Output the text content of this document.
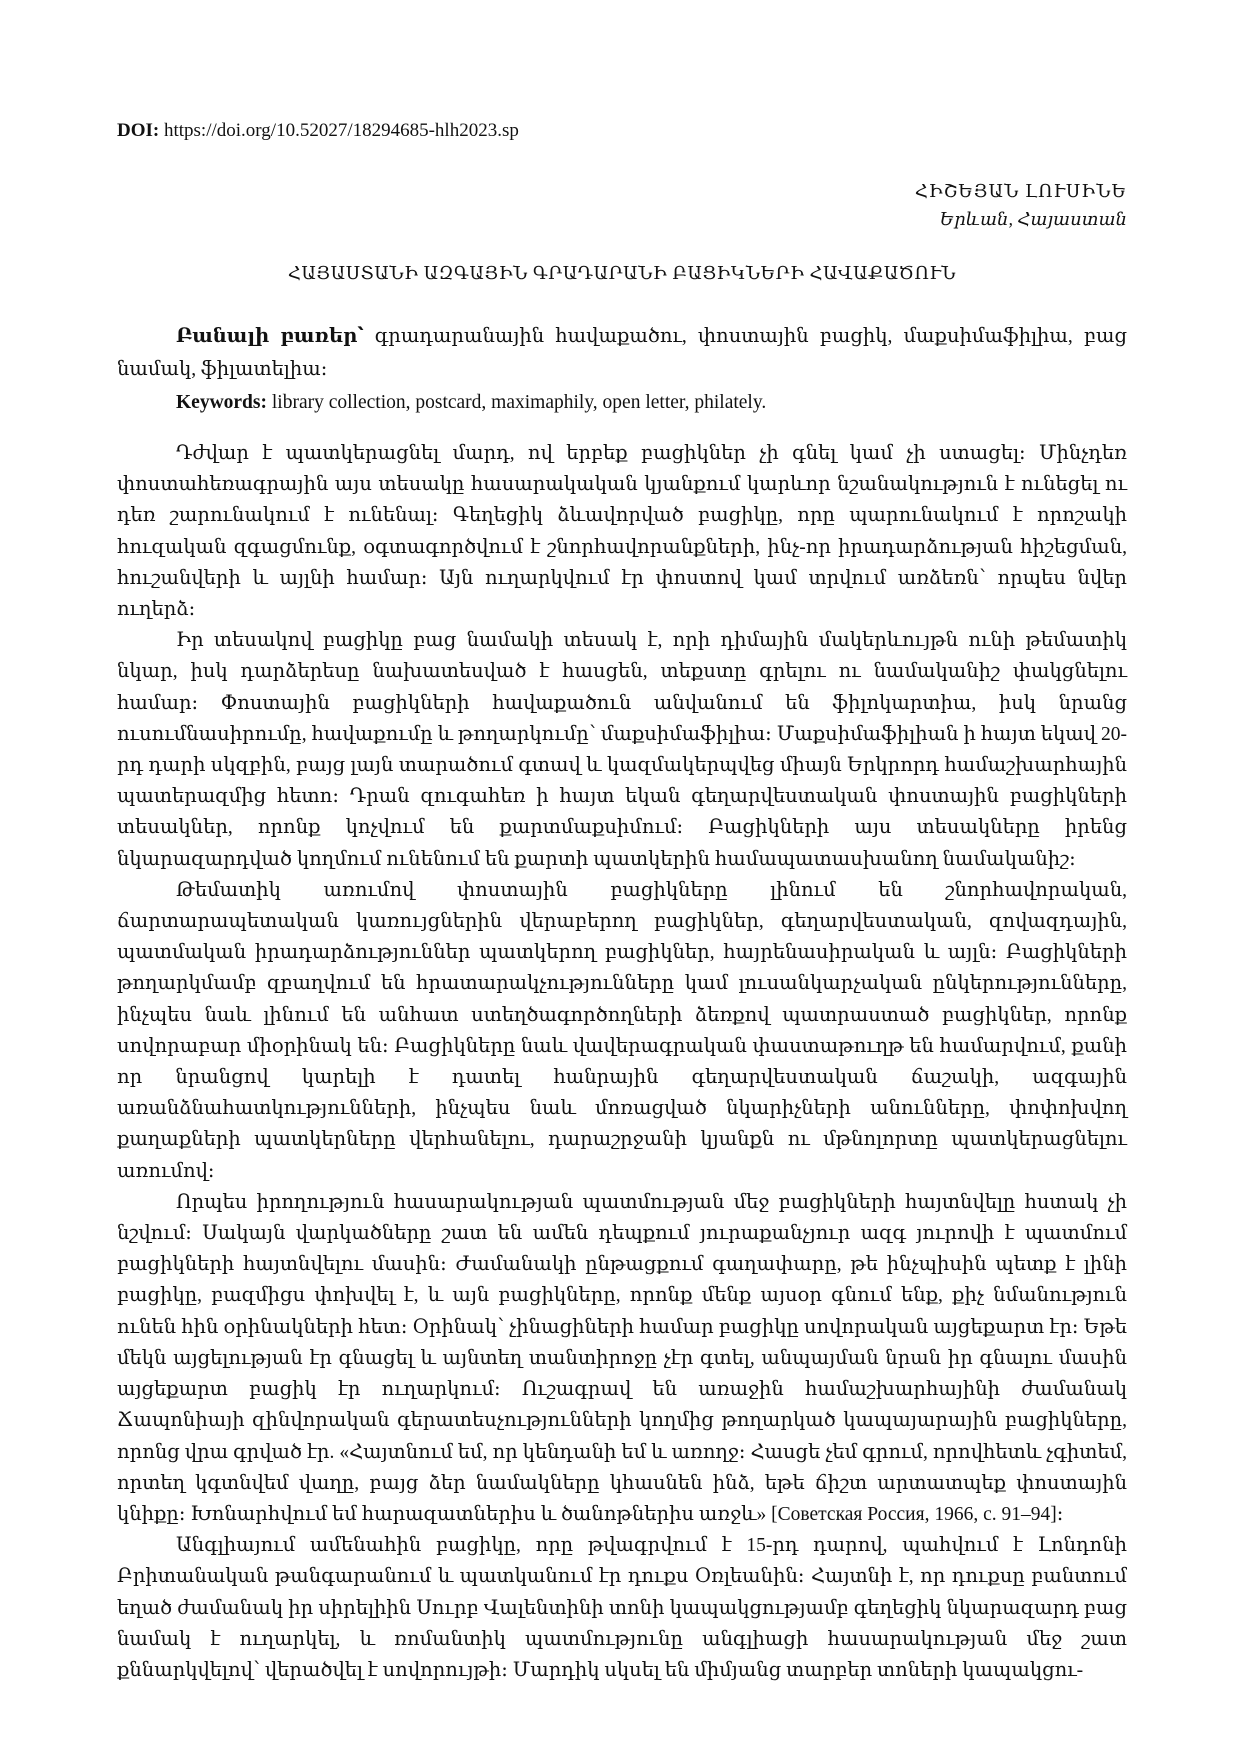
DOI: https://doi.org/10.52027/18294685-hlh2023.sp
ՀԻՇԵՅԱՆ ԼՈՒՍԻՆԵ
Երևան, Հայաստան
ՀԱՅԱՍՏԱՆԻ ԱԶԳԱՅԻՆ ԳՐԱԴԱՐԱՆԻ ԲԱՑԻԿՆԵՐԻ ՀԱՎԱՔԱԾՈՒՆ

Բանալի բառեր՝ գրադարանային հավաքածու, փոստային բացիկ, մաքսիմաֆիլիա, բաց նամակ, ֆիլատելիա։

Keywords: library collection, postcard, maximaphily, open letter, philately.

Դժվար է պատկերացնել մարդ, ով երբեք բացիկներ չի գնել կամ չի ստացել։ Մինչդեռ փոստահեռագրային այս տեսակը հասարակական կյանքում կարևոր նշանակություն է ունեցել ու դեռ շարունակում է ունենալ։ Գեղեցիկ ձևավորված բացիկը, որը պարունակում է որոշակի հուզական զգացմունք, օգտագործվում է շնորհավորանքների, ինչ-որ իրադարձության հիշեցման, հուշանվերի և այլնի համար։ Այն ուղարկվում էր փոստով կամ տրվում առձեռն՝ որպես նվեր ուղերձ։

Իր տեսակով բացիկը բաց նամակի տեսակ է, որի դիմային մակերևույթն ունի թեմատիկ նկար, իսկ դարձերեսը նախատեսված է հասցեն, տեքստը գրելու ու նամականիշ փակցնելու համար։ Փոստային բացիկների հավաքածուն անվանում են ֆիլոկարտիա, իսկ նրանց ուսումնասիրումը, հավաքումը և թողարկումը՝ մաքսիմաֆիլիա։ Մաքսիմաֆիլիան ի հայտ եկավ 20-րդ դարի սկզբին, բայց լայն տարածում գտավ և կազմակերպվեց միայն Երկրորդ համաշխարհային պատերազմից հետո։ Դրան զուգահեռ ի հայտ եկան գեղարվեստական փոստային բացիկների տեսակներ, որոնք կոչվում են քարտմաքսիմում։ Բացիկների այս տեսակները իրենց նկարազարդված կողմում ունենում են քարտի պատկերին համապատասխանող նամականիշ։

Թեմատիկ առումով փոստային բացիկները լինում են շնորհավորական, ճարտարապետական կառույցներին վերաբերող բացիկներ, գեղարվեստական, զովազդային, պատմական իրադարձություններ պատկերող բացիկներ, հայրենասիրական և այլն։ Բացիկների թողարկմամբ զբաղվում են հրատարակչությունները կամ լուսանկարչական ընկերությունները, ինչպես նաև լինում են անհատ ստեղծագործողների ձեռքով պատրաստած բացիկներ, որոնք սովորաբար միօրինակ են։ Բացիկները նաև վավերագրական փաստաթուղթ են համարվում, քանի որ նրանցով կարելի է դատել հանրային գեղարվեստական ճաշակի, ազգային առանձնահատկությունների, ինչպես նաև մոռացված նկարիչների անունները, փոփոխվող քաղաքների պատկերները վերհանելու, դարաշրջանի կյանքն ու մթնոլորտը պատկերացնելու առումով։

Որպես իրողություն հասարակության պատմության մեջ բացիկների հայտնվելը հստակ չի նշվում։ Սակայն վարկածները շատ են ամեն դեպքում յուրաքանչյուր ազգ յուրովի է պատմում բացիկների հայտնվելու մասին։ Ժամանակի ընթացքում գաղափարը, թե ինչպիսին պետք է լինի բացիկը, բազմիցս փոխվել է, և այն բացիկները, որոնք մենք այսօր գնում ենք, քիչ նմանություն ունեն հին օրինակների հետ։ Օրինակ՝ չինացիների համար բացիկը սովորական այցեքարտ էր։ Եթե մեկն այցելության էր գնացել և այնտեղ տանտիրոջը չէր գտել, անպայման նրան իր գնալու մասին այցեքարտ բացիկ էր ուղարկում։ Ուշագրավ են առաջին համաշխարհայինի ժամանակ Ճապոնիայի զինվորական գերատեսչությունների կողմից թողարկած կապայարային բացիկները, որոնց վրա գրված էր. «Հայտնում եմ, որ կենդանի եմ և առողջ։ Հասցե չեմ գրում, որովհետև չգիտեմ, որտեղ կգտնվեմ վաղը, բայց ձեր նամակները կհասնեն ինձ, եթե ճիշտ արտատպեք փոստային կնիքը։ Խոնարհվում եմ հարազատներիս և ծանոթներիս առջև» [Советская Россия, 1966, с. 91–94]։

Անգլիայում ամենահին բացիկը, որը թվագրվում է 15-րդ դարով, պահվում է Լոնդոնի Բրիտանական թանգարանում և պատկանում էր դուքս Օռլեանին։ Հայտնի է, որ դուքսը բանտում եղած ժամանակ իր սիրելիին Սուրբ Վալենտինի տոնի կապակցությամբ գեղեցիկ նկարազարդ բաց նամակ է ուղարկել, և ռոմանտիկ պատմությունը անգլիացի հասարակության մեջ շատ քննարկվելով՝ վերածվել է սովորույթի։ Մարդիկ սկսել են միմյանց տարբեր տոների կապակցու-
